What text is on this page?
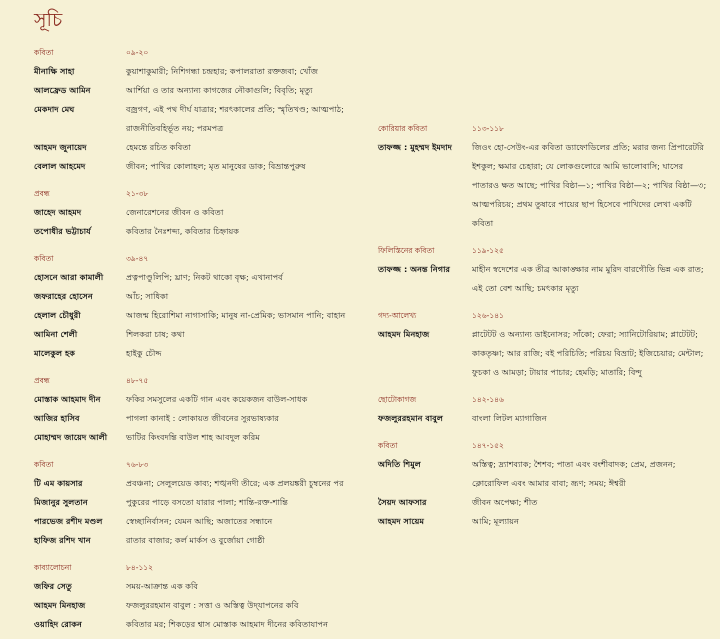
সূচি
কবিতা	০৯-২০
মীনাক্ষি সাহা	কুয়াশাকুমারী; নিশিগন্ধা চন্দ্রহার; কপালরাতা রক্তজবা; খোঁজ
আলফ্রেড আমিন	আর্শিয়া ও তার অন্যান্য কাগজের নৌকাগুলি; বিবৃতি; মৃত্যু
মেকদাদ মেঘ	বজ্রগণ, এই পথ দীর্ঘ যাত্রার; শরৎকালের প্রতি; স্মৃতিখণ্ড; আত্মপাঠ; রাজনীতিবহির্ভূত নয়; পরমপত্র
আহমদ জুনায়েদ	হেমন্তে রচিত কবিতা
বেলাল আহমেদ	জীবন; পাখির কোলাহল; মৃত মানুষের ডাক; বিভ্রান্তপুরুষ
প্রবন্ধ	২১-৩৮
জাহেদ আহমদ	জেনারেশনের জীবন ও কবিতা
তপোধীর ভট্টাচার্য	কবিতার নৈঃশব্দ্য, কবিতার চিহ্নায়ক
কবিতা	৩৯-৪৭
হোসনে আরা কামালী	প্রত্নপাণ্ডুলিপি; ঘ্রাণ; নিকট থাকো বৃক্ষ; এখানাপর্ব
জফরাহের হোসেন	আঁচ; সাধিকা
হেলাল চৌধুরী	আজন্ম হিরোশিমা নাগাসাকি; মানুষ না-প্রেমিক; ভাসমান পানি; বাহান
আমিনা শেলী	শিলকরা চাষ; কথা
মালেকুল হক	হাইকু চৌদ্দ
প্রবন্ধ	৪৮-৭৫
মোস্তাক আহমাদ দীন	ফকির সমসুলের একটি গান এবং কয়েকজন বাউল-সাধক
আজির হাসিব	পাগলা কানাই : লোকায়ত জীবনের সুরভাষ্যকার
মোহাম্মদ জায়েদ আলী	ভাটির কিংবদন্তি বাউল শাহ আবদুল করিম
কবিতা	৭৬-৮৩
টি এম কায়সার	প্রবঞ্চনা; সেলুলয়েড কাব্য; শঙ্খনদী তীরে; এক প্রলয়ঙ্করী চুম্বনের পর
মিজানুর সুলতান	পুকুরের পাড়ে বসতো যারার পালা; শান্তি-রক্ত-শান্তি
পারভেজ রশীদ মণ্ডল	স্বেচ্ছানির্বাসন; যেমন আছি; অজাতের সন্ধানে
হাফিজ রশিদ খান	রাতার বাজার; কর্ল মার্কস ও বুর্জোয়া গোষ্ঠী
কাব্যালোচনা	৮৪-১১২
জফির সেতু	সময়-আক্রান্ত এক কবি
আহমদ মিনহাজ	ফজলুররহমান বাবুল : সত্তা ও অস্তিত্ব উদ্‌যাপনের কবি
ওয়াহিদ রোকন	কবিতার মর; শিকড়ের শ্বাস মোস্তাক আহমাদ দীনের কবিতাযাপন
কোরিয়ার কবিতা	১১৩-১১৮
তাফজ্জ : মুহম্মদ ইমদাদ	জিওং হো-সেউং-এর কবিতা ড্যাফোডিলের প্রতি; মরার জন্য প্রিপারেটরি ইশকুল; ক্ষমার চেহারা; যে লোকগুলোরে আমি ভালোবাসি; ঘাসের পাতারও ক্ষত আছে; পাখির বিষ্ঠা—১; পাখির বিষ্ঠা—২; পাখির বিষ্ঠা—৩; আত্মপরিচয়; প্রথম তুষারে পায়ের ছাপ হিসেবে পাখিদের লেখা একটি কবিতা
ফিলিস্তিনের কবিতা	১১৯-১২৫
তাফজ্জ : অনন্ত নিগার	মাহীন স্বদেশের এক তীব্র আকাঙ্ক্ষার নাম মুরিদ বারগৌতি ভিন্ন এক রাত; এই তো বেশ আছি; চমৎকার মৃত্যু
গদ্য-আলেখ্য	১২৬-১৪১
আহমদ মিনহাজ	প্লাটেটট ও অন্যান্য ডাইনোসর; সাঁকো; ফেরা; স্যানিটোরিয়াম; প্লাটেটট; কাকতৃষ্ণা; আর রাজি; বই পরিচিতি; পরিচয় বিভ্রাট; ইজিচেয়ার; মেন্টাল; ফুচকা ও আমড়া; টায়ার পাচার; হেমড়ি; মাতারি; বিন্দু
ছোটোকাগজ	১৪২-১৪৬
ফজলুররহমান বাবুল	বাংলা লিটল ম্যাগাজিন
কবিতা	১৪৭-১৫২
অদিতি শিমুল	অস্তিত্ব; দ্র্যাশব্যাক; শৈশব; পাতা এবং বংশীবাদক; প্রেম, প্রজনন; ক্লোরোফিল এবং আমার বাবা; ভ্রূণ; সময়; ঈশ্বরী
সৈয়দ আফসার	জীবন অপেক্ষা; শীত
আহমদ সায়েম	আমি; মূল্যায়ন
